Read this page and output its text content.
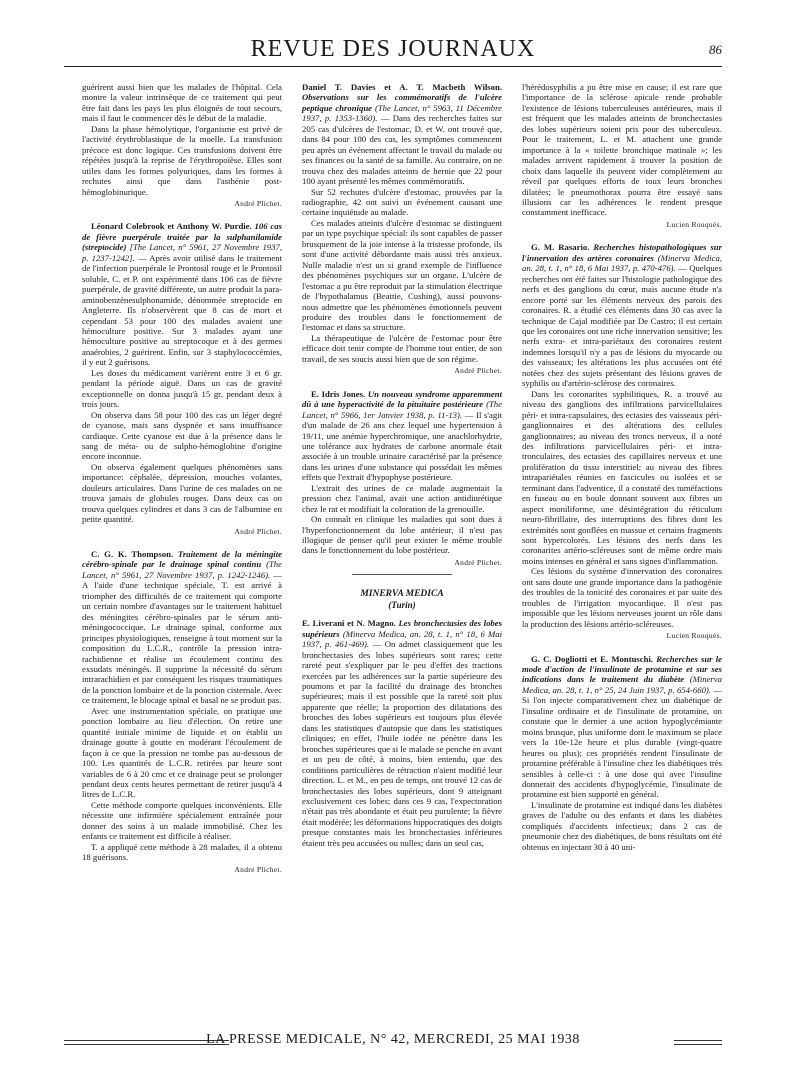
REVUE DES JOURNAUX	86

guérirent aussi bien que les malades de l'hôpital. Cela montre la valeur intrinsèque de ce traitement qui peut être fait dans les pays les plus éloignés de tout secours, mais il faut le commencer dès le début de la maladie.

Dans la phase hémolytique, l'organisme est privé de l'activité érythroblastique de la moelle. La transfusion précoce est donc logique. Ces transfusions doivent être répétées jusqu'à la reprise de l'érythropoïèse. Elles sont utiles dans les formes polyuriques, dans les formes à rechutes ainsi que dans l'asthénie post-hémoglobinurique.

André Plichet.

Léonard Colebrook et Anthony W. Purdie. 106 cas de fièvre puerpérale traitée par la sulphanilamide (streptocide) [The Lancet, n° 5961, 27 Novembre 1937, p. 1237-1242]. — Après avoir utilisé dans le traitement de l'infection puerpérale le Prontosil rouge et le Prontosil soluble, C. et P. ont expérimenté dans 106 cas de fièvre puerpérale, de gravité différente, un autre produit la para-aminobenzènesulphonamide, dénommée streptocide en Angleterre. Ils n'observèrent que 8 cas de mort et cependant 53 pour 100 des malades avaient une hémoculture positive. Sur 3 malades ayant une hémoculture positive au streptocoque et à des germes anaérobies, 2 guérirent. Enfin, sur 3 staphylococcémies, il y eut 2 guérisons.

Les doses du médicament varièrent entre 3 et 6 gr. pendant la période aiguë. Dans un cas de gravité exceptionnelle on donna jusqu'à 15 gr. pendant deux à trois jours.

On observa dans 58 pour 100 des cas un léger degré de cyanose, mais sans dyspnée et sans insuffisance cardiaque. Cette cyanose est due à la présence dans le sang de méta- ou de sulpho-hémoglobine d'origine encore inconnue.

On observa également quelques phénomènes sans importance: céphalée, dépression, mouches volantes, douleurs articulaires. Dans l'urine de ces malades on ne trouva jamais de globules rouges. Dans deux cas on trouva quelques cylindres et dans 3 cas de l'albumine en petite quantité.

André Plichet.

C. G. K. Thompson. Traitement de la méningite cérébro-spinale par le drainage spinal continu (The Lancet, n° 5961, 27 Novembre 1937, p. 1242-1246). — A l'aide d'une technique spéciale, T. est arrivé à triompher des difficultés de ce traitement qui comporte un certain nombre d'avantages sur le traitement habituel des méningites cérébro-spinales par le sérum anti-méningococcique. Le drainage spinal, conforme aux principes physiologiques, renseigne à tout moment sur la composition du L.C.R., contrôle la pression intra-rachidienne et réalise un écoulement continu des exsudats méningés. Il supprime la nécessité du sérum intrarachidien et par conséquent les risques traumatiques de la ponction lombaire et de la ponction cisternale. Avec ce traitement, le blocage spinal et basal ne se produit pas.

Avec une instrumentation spéciale, on pratique une ponction lombaire au lieu d'élection. On retire une quantité initiale minime de liquide et on établit un drainage goutte à goutte en modérant l'écoulement de façon à ce que la pression ne tombe pas au-dessous de 100. Les quantités de L.C.R. retirées par heure sont variables de 6 à 20 cmc et ce drainage peut se prolonger pendant deux cents heures permettant de retirer jusqu'à 4 litres de L.C.R.

Cette méthode comporte quelques inconvénients. Elle nécessite une infirmière spécialement entraînée pour donner des soins à un malade immobilisé. Chez les enfants ce traitement est difficile à réaliser.

T. a appliqué cette méthode à 28 malades, il a obtenu 18 guérisons.

André Plichet.

Daniel T. Davies et A. T. Macbeth Wilson. Observations sur les commémoratifs de l'ulcère peptique chronique (The Lancet, n° 5963, 11 Décembre 1937, p. 1353-1360). — Dans des recherches faites sur 205 cas d'ulcères de l'estomac, D. et W. ont trouvé que, dans 84 pour 100 des cas, les symptômes commencent peu après un événement affectant le travail du malade ou ses finances ou la santé de sa famille. Au contraire, on ne trouva chez des malades atteints de hernie que 22 pour 100 ayant présenté les mêmes commémoratifs.

Sur 52 rechutes d'ulcère d'estomac, prouvées par la radiographie, 42 ont suivi un événement causant une certaine inquiétude au malade.

Ces malades atteints d'ulcère d'estomac se distinguent par un type psychique spécial: ils sont capables de passer brusquement de la joie intense à la tristesse profonde, ils sont d'une activité débordante mais aussi très anxieux. Nulle maladie n'est un si grand exemple de l'influence des phénomènes psychiques sur un organe. L'ulcère de l'estomac a pu être reproduit par la stimulation électrique de l'hypothalamus (Beattie, Cushing), aussi pouvons-nous admettre que les phénomènes émotionnels peuvent produire des troubles dans le fonctionnement de l'estomac et dans sa structure.

La thérapeutique de l'ulcère de l'estomac pour être efficace doit tenir compte de l'homme tout entier, de son travail, de ses soucis aussi bien que de son régime.

André Plichet.

E. Idris Jones. Un nouveau syndrome apparemment dû à une hyperactivité de la pituitaire postérieure (The Lancet, n° 5966, 1er Janvier 1938, p. 11-13). — Il s'agit d'un malade de 26 ans chez lequel une hypertension à 19/11, une anémie hyperchromique, une anachlorhydrie, une tolérance aux hydrates de carbone anormale était associée à un trouble urinaire caractérisé par la présence dans les urines d'une substance qui possédait les mêmes effets que l'extrait d'hypophyse postérieure.

L'extrait des urines de ce malade augmentait la pression chez l'animal, avait une action antidiurétique chez le rat et modifiait la coloration de la grenouille.

On connaît en clinique les maladies qui sont dues à l'hyperfonctionnement du lobe antérieur, il n'est pas illogique de penser qu'il peut exister le même trouble dans le fonctionnement du lobe postérieur.

André Plichet.

MINERVA MEDICA

(Turin)

E. Liverani et N. Magno. Les bronchectasies des lobes supérieurs (Minerva Medica, an. 28, t. 1, n° 18, 6 Mai 1937, p. 461-469). — On admet classiquement que les bronchectasies des lobes supérieurs sont rares; cette rareté peut s'expliquer par le peu d'effet des tractions exercées par les adhérences sur la partie supérieure des poumons et par la facilité du drainage des bronches supérieures; mais il est possible que la rareté soit plus apparente que réelle; la proportion des dilatations des bronches des lobes supérieurs est toujours plus élevée dans les statistiques d'autopsie que dans les statistiques cliniques; en effet, l'huile iodée ne pénètre dans les bronches supérieures que si le malade se penche en avant et un peu de côté, à moins, bien entendu, que des conditions particulières de rétraction n'aient modifié leur direction. L. et M., en peu de temps, ont trouvé 12 cas de bronchectasies des lobes supérieurs, dont 9 atteignant exclusivement ces lobes; dans ces 9 cas, l'expectoration n'était pas très abondante et était peu purulente; la fièvre était modérée; les déformations hippocratiques des doigts presque constantes mais les bronchectasies inférieures étaient très peu accusées ou nulles; dans un seul cas,

l'hérédosyphilis a pu être mise en cause; il est rare que l'importance de la sclérose apicale rende probable l'existence de lésions tuberculeuses antérieures, mais il est fréquent que les malades atteints de bronchectasies des lobes supérieurs soient pris pour des tuberculeux. Pour le traitement, L. et M. attachent une grande importance à la « toilette bronchique matinale »; les malades arrivent rapidement à trouver la position de choix dans laquelle ils peuvent vider complètement au réveil par quelques efforts de toux leurs bronches dilatées; le pneumothorax pourra être essayé sans illusions car les adhérences le rendent presque constamment inefficace.

Lucien Rouquès.

G. M. Rasario. Recherches histopathologiques sur l'innervation des artères coronaires (Minerva Medica, an. 28, t. 1, n° 18, 6 Mai 1937, p. 470-476). — Quelques recherches ont été faites sur l'histologie pathologique des nerfs et des ganglions du cœur, mais aucune étude n'a encore porté sur les éléments nerveux des parois des coronaires. R. a étudié ces éléments dans 30 cas avec la technique de Cajal modifiée par De Castro; il est certain que les coronaires ont une riche innervation sensitive; les nerfs extra- et intra-pariétaux des coronaires restent indemnes lorsqu'il n'y a pas de lésions du myocarde ou des vaisseaux; les altérations les plus accusées ont été notées chez des sujets présentant des lésions graves de syphilis ou d'artério-sclérose des coronaires.

Dans les coronarites syphilitiques, R. a trouvé au niveau des ganglions des infiltrations parvicellulaires péri- et intra-capsulaires, des ectasies des vaisseaux péri-ganglionnaires et des altérations des cellules ganglionnaires; au niveau des troncs nerveux, il a noté des infiltrations parvicellulaires péri- et intra-tronculaires, des ectasies des capillaires nerveux et une prolifération du tissu interstitiel; au niveau des fibres intrapariétales réunies en fascicules ou isolées et se terminant dans l'adventice, il a constaté des tuméfactions en fuseau ou en boule donnant souvent aux fibres un aspect moniliforme, une désintégration du réticulum neuro-fibrillaire, des interruptions des fibres dont les extrémités sont gonflées en massue et certains fragments sont hypercolorés. Les lésions des nerfs dans les coronarites artério-scléreuses sont de même ordre mais moins intenses en général et sans signes d'inflammation.

Ces lésions du système d'innervation des coronaires ont sans doute une grande importance dans la pathogénie des troubles de la tonicité des coronaires et par suite des troubles de l'irrigation myocardique. Il n'est pas impossible que les lésions nerveuses jouent un rôle dans la production des lésions artério-scléreuses.

Lucien Rouquès.

G. C. Dogliotti et E. Montuschi. Recherches sur le mode d'action de l'insulinate de protamine et sur ses indications dans le traitement du diabète (Minerva Medica, an. 28, t. 1, n° 25, 24 Juin 1937, p. 654-660). — Si l'on injecte comparativement chez un diabétique de l'insuline ordinaire et de l'insulinate de protamine, on constate que le dernier a une action hypoglycémiante moins brusque, plus uniforme dont le maximum se place vers la 10e-12e heure et plus durable (vingt-quatre heures ou plus); ces propriétés rendent l'insulinate de protamine préférable à l'insuline chez les diabétiques très sensibles à celle-ci : à une dose qui avec l'insuline donnerait des accidents d'hypoglycémie, l'insulinate de protamine est bien supporté en général.

L'insulinate de protamine est indiqué dans les diabètes graves de l'adulte ou des enfants et dans les diabètes compliqués d'accidents infectieux; dans 2 cas de pneumonie chez des diabétiques, de bons résultats ont été obtenus en injectant 30 à 40 uni-

LA PRESSE MEDICALE, N° 42, MERCREDI, 25 MAI 1938
